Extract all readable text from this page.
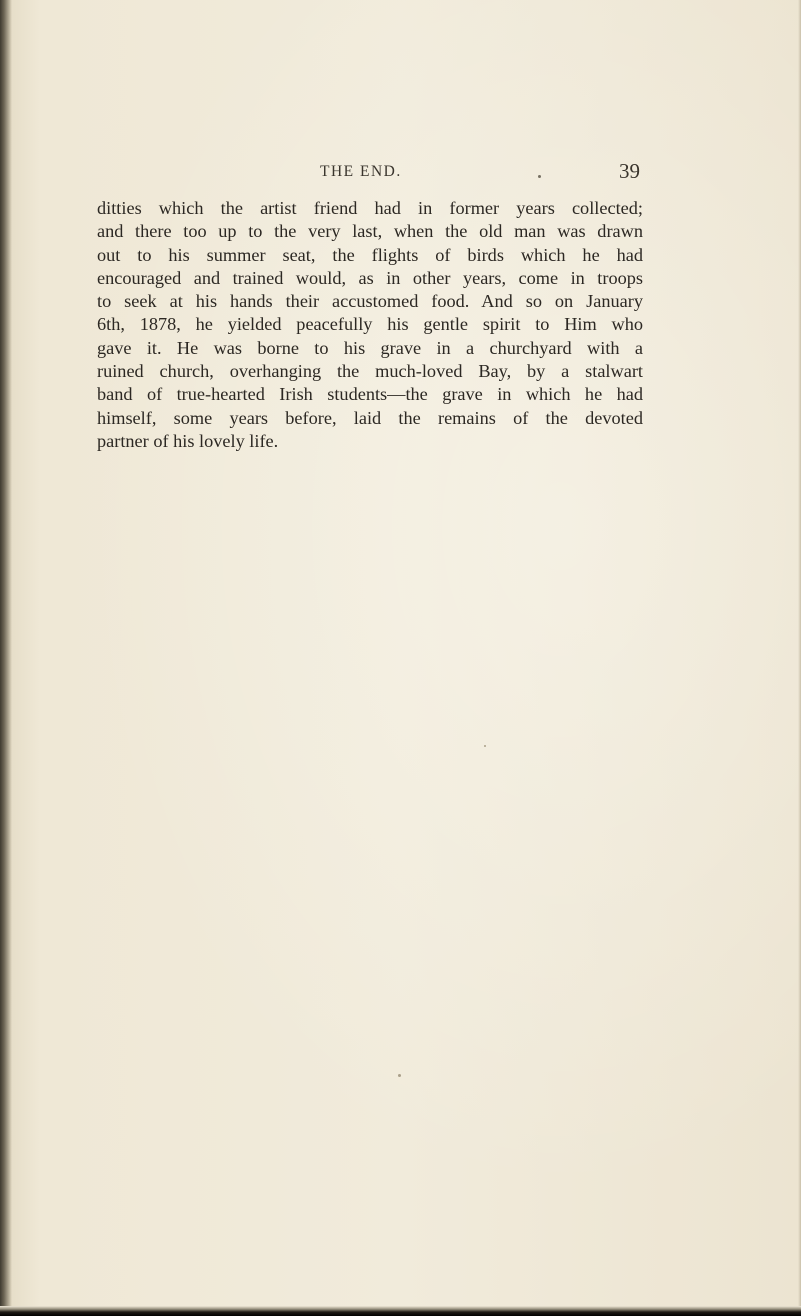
THE END.	39
ditties which the artist friend had in former years collected;
and there too up to the very last, when the old man was drawn
out to his summer seat, the flights of birds which he had
encouraged and trained would, as in other years, come in troops
to seek at his hands their accustomed food. And so on January
6th, 1878, he yielded peacefully his gentle spirit to Him who
gave it. He was borne to his grave in a churchyard with a
ruined church, overhanging the much-loved Bay, by a stalwart
band of true-hearted Irish students—the grave in which he had
himself, some years before, laid the remains of the devoted
partner of his lovely life.
